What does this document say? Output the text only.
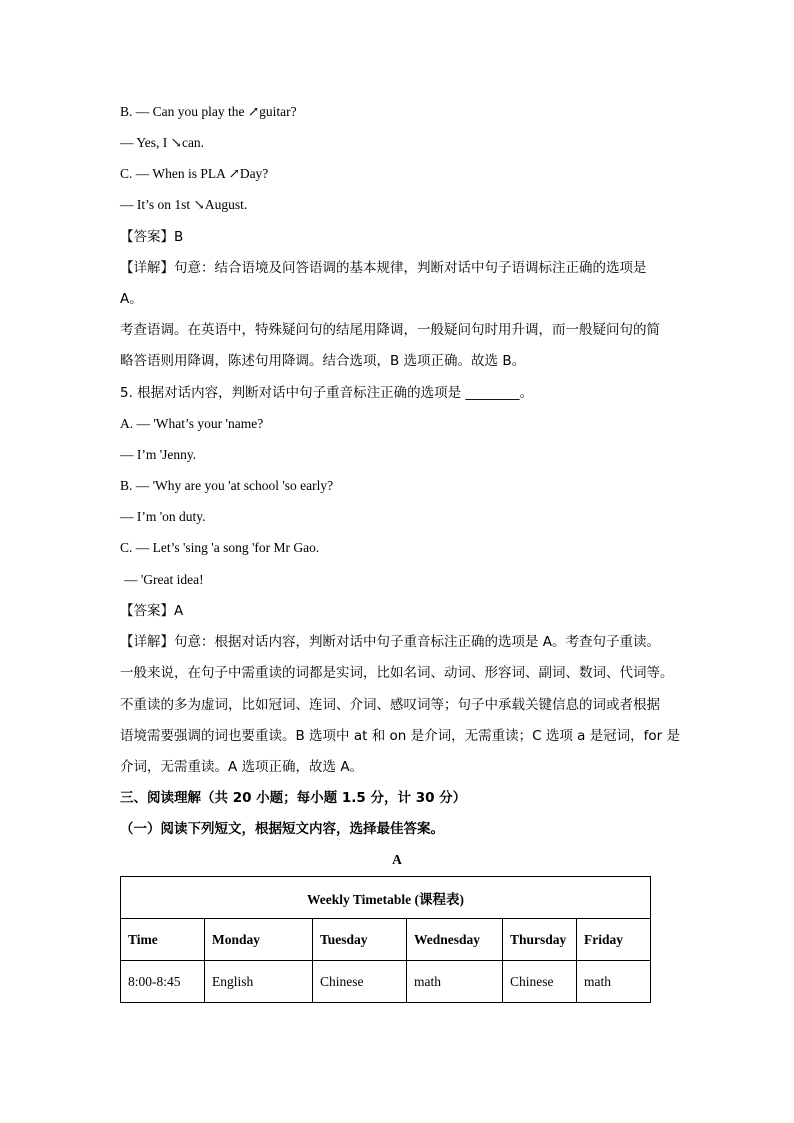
B. — Can you play the ↗guitar?
— Yes, I ↘can.
C. — When is PLA ↗Day?
— It’s on 1st ↘August.
【答案】B
【详解】句意：结合语境及问答语调的基本规律，判断对话中句子语调标注正确的选项是
A。
考查语调。在英语中，特殊疑问句的结尾用降调，一般疑问句时用升调，而一般疑问句的简
略答语则用降调，陈述句用降调。结合选项，B 选项正确。故选 B。
5. 根据对话内容，判断对话中句子重音标注正确的选项是 ________。
A. — 'What’s your 'name?
— I’m 'Jenny.
B. — 'Why are you 'at school 'so early?
— I’m 'on duty.
C. — Let’s 'sing 'a song 'for Mr Gao.
— 'Great idea!
【答案】A
【详解】句意：根据对话内容，判断对话中句子重音标注正确的选项是 A。考查句子重读。
一般来说，在句子中需重读的词都是实词，比如名词、动词、形容词、副词、数词、代词等。
不重读的多为虚词，比如冠词、连词、介词、感叹词等；句子中承载关键信息的词或者根据
语境需要强调的词也要重读。B 选项中 at 和 on 是介词，无需重读；C 选项 a 是冠词，for 是
介词，无需重读。A 选项正确，故选 A。
三、阅读理解（共 20 小题；每小题 1.5 分，计 30 分）
（一）阅读下列短文，根据短文内容，选择最佳答案。
A
Weekly Timetable (课程表)					
Time	Monday	Tuesday	Wednesday	Thursday	Friday
8:00-8:45	English	Chinese	math	Chinese	math
